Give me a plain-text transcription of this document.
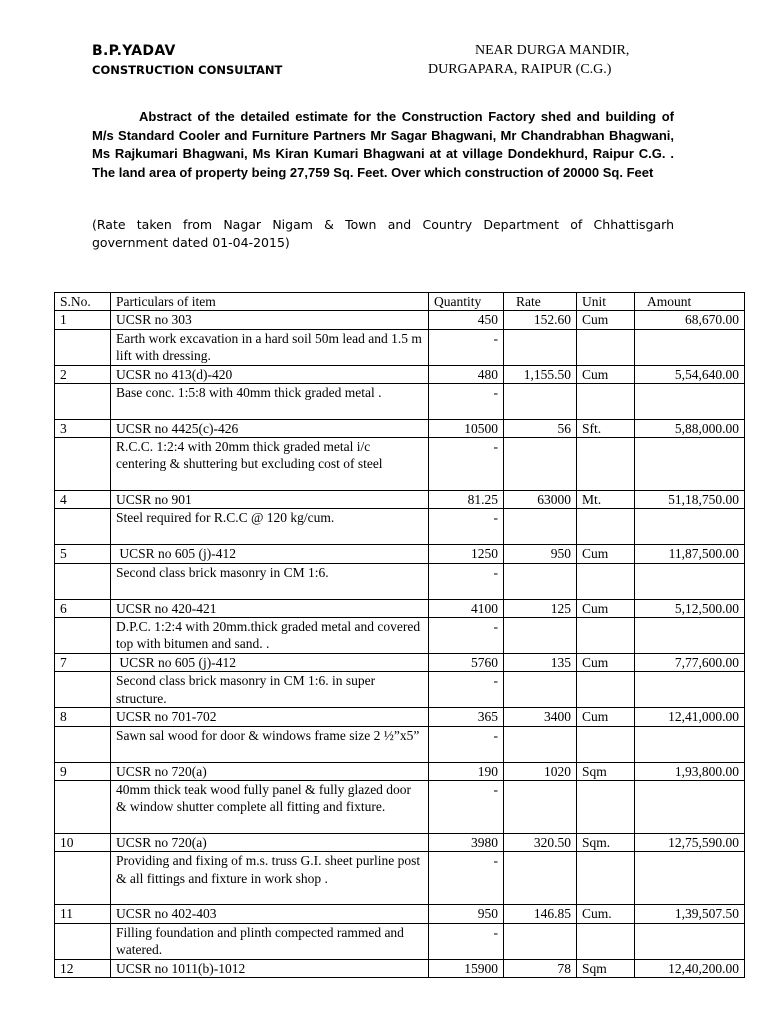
B.P.YADAV
CONSTRUCTION CONSULTANT
NEAR DURGA MANDIR,
DURGAPARA, RAIPUR (C.G.)
Abstract of the detailed estimate for the Construction Factory shed and building of M/s Standard Cooler and Furniture Partners Mr Sagar Bhagwani, Mr Chandrabhan Bhagwani, Ms Rajkumari Bhagwani, Ms Kiran Kumari Bhagwani at at village Dondekhurd, Raipur C.G. . The land area of property being 27,759 Sq. Feet. Over which construction of 20000 Sq. Feet
(Rate taken from Nagar Nigam & Town and Country Department of Chhattisgarh government dated 01-04-2015)
S.No.	Particulars of item	Quantity	Rate	Unit	Amount
1	UCSR no 303	450	152.60	Cum	68,670.00
	Earth work excavation in a hard soil 50m lead and 1.5 m lift with dressing.	-			
2	UCSR no 413(d)-420	480	1,155.50	Cum	5,54,640.00
	Base conc. 1:5:8 with 40mm thick graded metal .	-			
3	UCSR no 4425(c)-426	10500	56	Sft.	5,88,000.00
	R.C.C. 1:2:4 with 20mm thick graded metal i/c centering & shuttering but excluding cost of steel	-			
4	UCSR no 901	81.25	63000	Mt.	51,18,750.00
	Steel required for R.C.C @ 120 kg/cum.	-			
5	UCSR no 605 (j)-412	1250	950	Cum	11,87,500.00
	Second class brick masonry in CM 1:6.	-			
6	UCSR no 420-421	4100	125	Cum	5,12,500.00
	D.P.C. 1:2:4 with 20mm.thick graded metal and covered top with bitumen and sand. .	-			
7	UCSR no 605 (j)-412	5760	135	Cum	7,77,600.00
	Second class brick masonry in CM 1:6. in super structure.	-			
8	UCSR no 701-702	365	3400	Cum	12,41,000.00
	Sawn sal wood for door & windows frame size 2 ½”x5”	-			
9	UCSR no 720(a)	190	1020	Sqm	1,93,800.00
	40mm thick teak wood fully panel & fully glazed door & window shutter complete all fitting and fixture.	-			
10	UCSR no 720(a)	3980	320.50	Sqm.	12,75,590.00
	Providing and fixing of m.s. truss G.I. sheet purline post & all fittings and fixture in work shop .	-			
11	UCSR no 402-403	950	146.85	Cum.	1,39,507.50
	Filling foundation and plinth compected rammed and watered.	-			
12	UCSR no 1011(b)-1012	15900	78	Sqm	12,40,200.00
